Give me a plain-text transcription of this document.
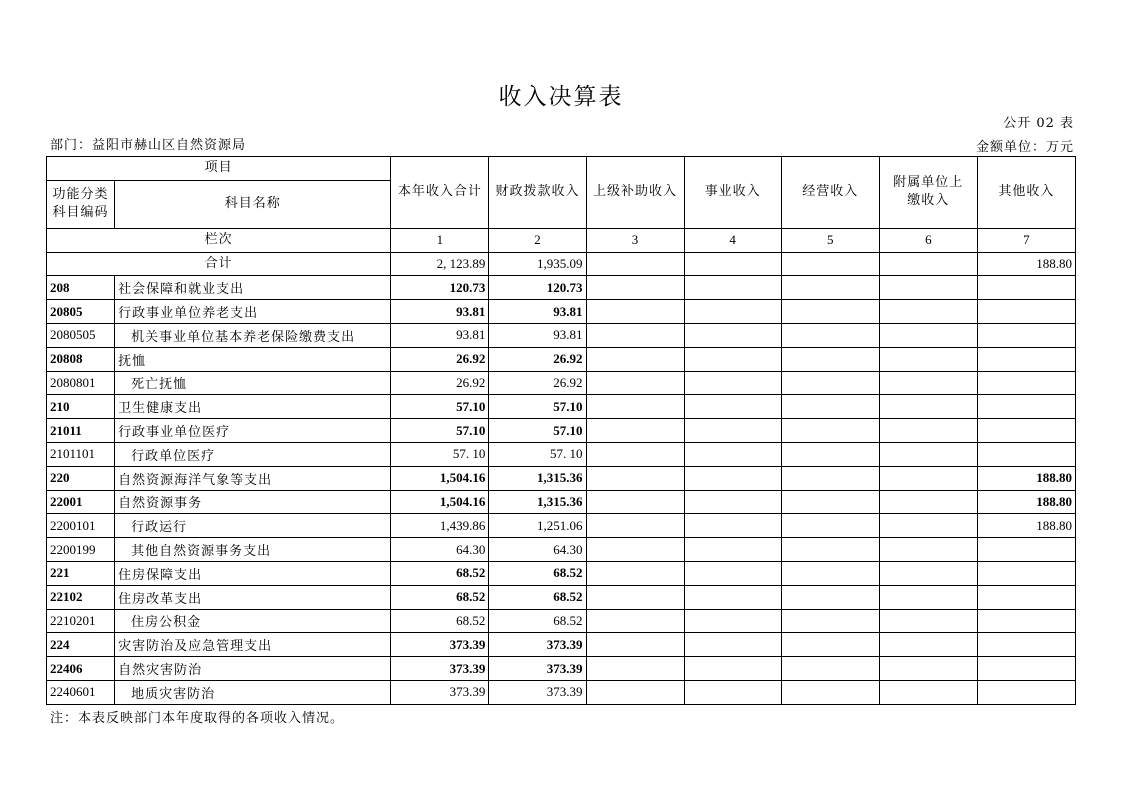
收入决算表
公开 02 表
部门：益阳市赫山区自然资源局	金额单位：万元
项目		本年收入合计	财政拨款收入	上级补助收入	事业收入	经营收入	附属单位上缴收入	其他收入
功能分类科目编码	科目名称							
栏次		1	2	3	4	5	6	7
合计		2, 123.89	1,935.09					188.80
208	社会保障和就业支出	120.73	120.73					
20805	行政事业单位养老支出	93.81	93.81					
2080505	机关事业单位基本养老保险缴费支出	93.81	93.81					
20808	抚恤	26.92	26.92					
2080801	死亡抚恤	26.92	26.92					
210	卫生健康支出	57.10	57.10					
21011	行政事业单位医疗	57.10	57.10					
2101101	行政单位医疗	57. 10	57. 10					
220	自然资源海洋气象等支出	1,504.16	1,315.36					188.80
22001	自然资源事务	1,504.16	1,315.36					188.80
2200101	行政运行	1,439.86	1,251.06					188.80
2200199	其他自然资源事务支出	64.30	64.30					
221	住房保障支出	68.52	68.52					
22102	住房改革支出	68.52	68.52					
2210201	住房公积金	68.52	68.52					
224	灾害防治及应急管理支出	373.39	373.39					
22406	自然灾害防治	373.39	373.39					
2240601	地质灾害防治	373.39	373.39					
注：本表反映部门本年度取得的各项收入情况。
